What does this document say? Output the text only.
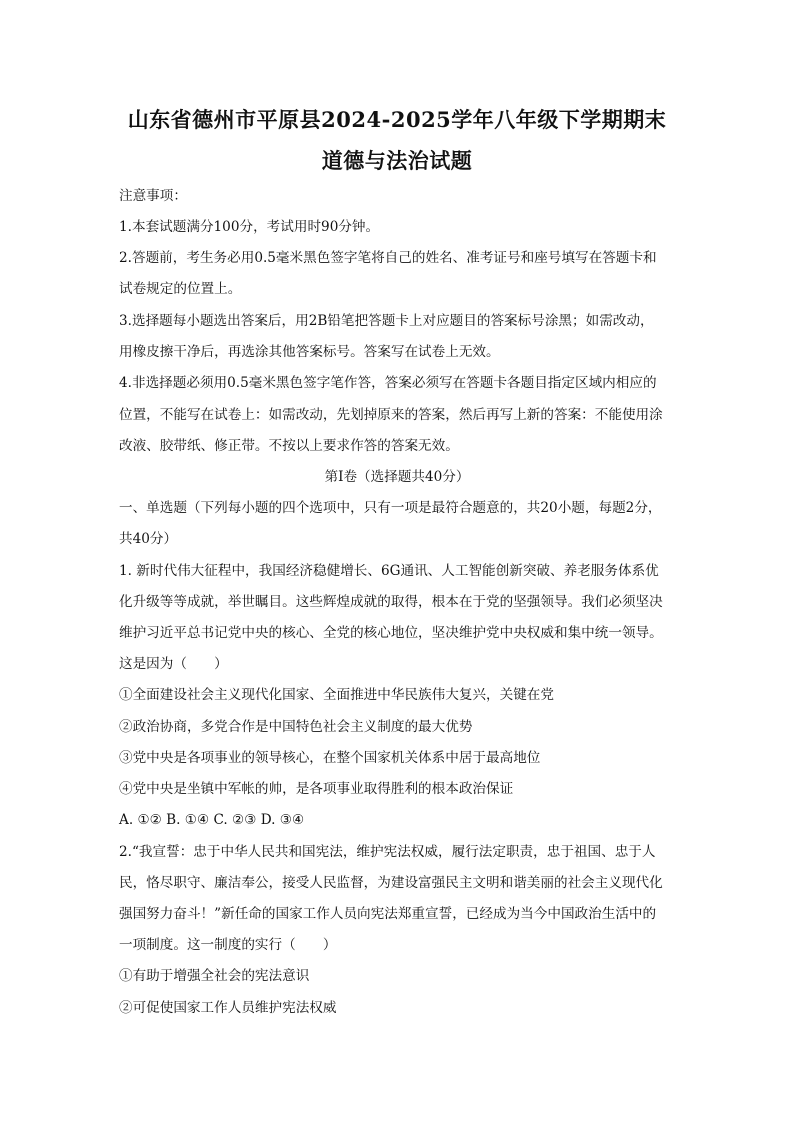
山东省德州市平原县2024-2025学年八年级下学期期末
道德与法治试题
注意事项：
1.本套试题满分100分，考试用时90分钟。
2.答题前，考生务必用0.5毫米黑色签字笔将自己的姓名、准考证号和座号填写在答题卡和
试卷规定的位置上。
3.选择题每小题选出答案后，用2B铅笔把答题卡上对应题目的答案标号涂黑；如需改动，
用橡皮擦干净后，再选涂其他答案标号。答案写在试卷上无效。
4.非选择题必须用0.5毫米黑色签字笔作答，答案必须写在答题卡各题目指定区域内相应的
位置，不能写在试卷上：如需改动，先划掉原来的答案，然后再写上新的答案：不能使用涂
改液、胶带纸、修正带。不按以上要求作答的答案无效。
第Ⅰ卷（选择题共40分）
一、单选题（下列每小题的四个选项中，只有一项是最符合题意的，共20小题，每题2分，
共40分）
1. 新时代伟大征程中，我国经济稳健增长、6G通讯、人工智能创新突破、养老服务体系优
化升级等等成就，举世瞩目。这些辉煌成就的取得，根本在于党的坚强领导。我们必须坚决
维护习近平总书记党中央的核心、全党的核心地位，坚决维护党中央权威和集中统一领导。
这是因为（　　）
①全面建设社会主义现代化国家、全面推进中华民族伟大复兴，关键在党
②政治协商，多党合作是中国特色社会主义制度的最大优势
③党中央是各项事业的领导核心，在整个国家机关体系中居于最高地位
④党中央是坐镇中军帐的帅，是各项事业取得胜利的根本政治保证
A. ①② B. ①④ C. ②③ D. ③④
2.“我宣誓：忠于中华人民共和国宪法，维护宪法权威，履行法定职责，忠于祖国、忠于人
民，恪尽职守、廉洁奉公，接受人民监督，为建设富强民主文明和谐美丽的社会主义现代化
强国努力奋斗！”新任命的国家工作人员向宪法郑重宣誓，已经成为当今中国政治生活中的
一项制度。这一制度的实行（　　）
①有助于增强全社会的宪法意识
②可促使国家工作人员维护宪法权威
